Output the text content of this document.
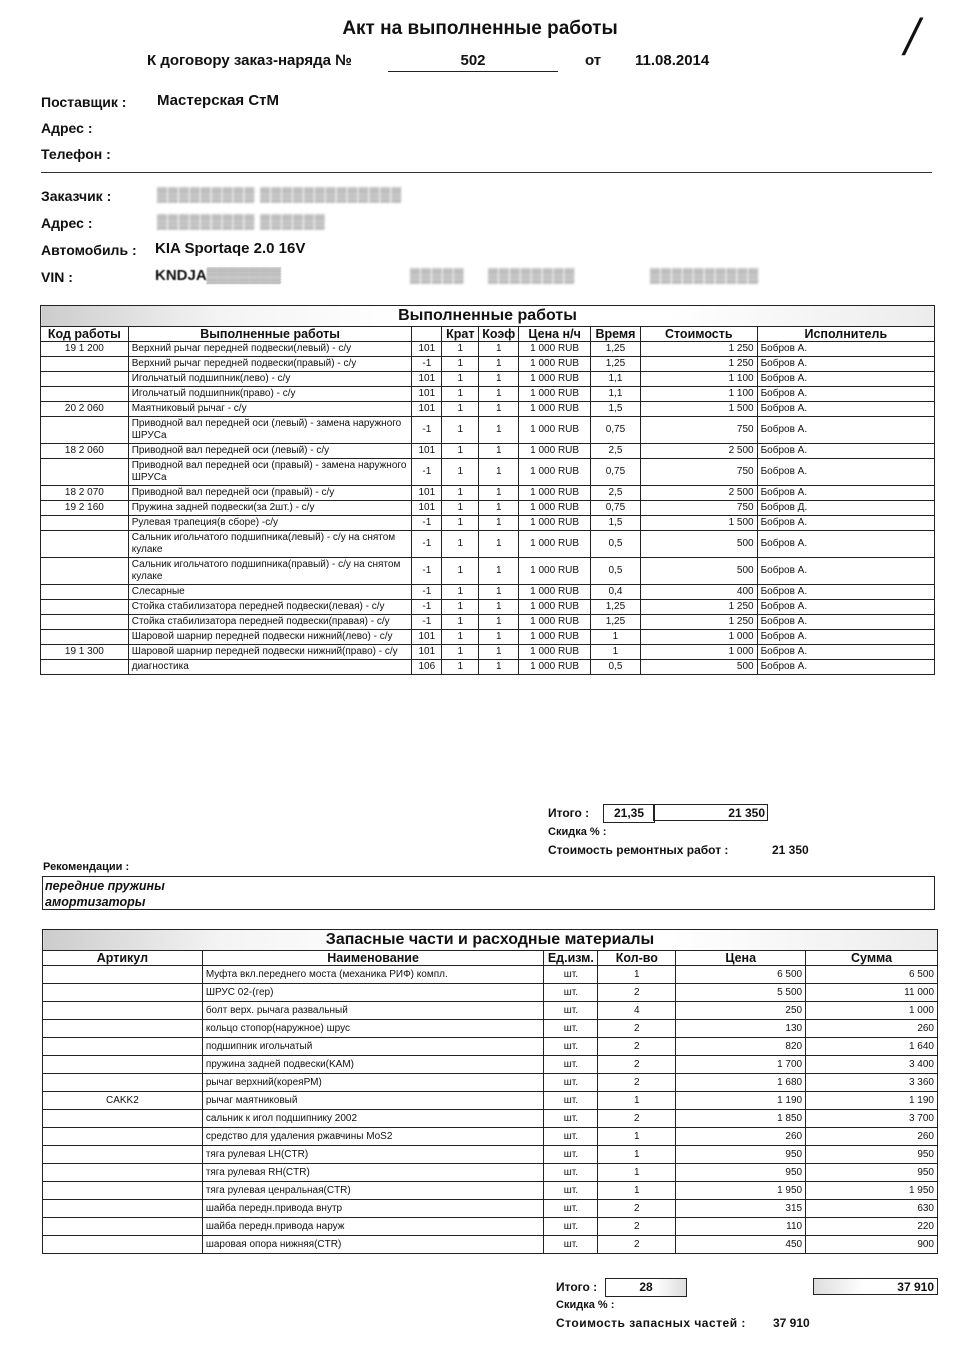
Акт на выполненные работы	/
К договору заказ-наряда №	502	от 11.08.2014
Поставщик : Мастерская СтМ
Адрес :
Телефон :
Заказчик :	▒▒▒▒▒▒▒▒▒ ▒▒▒▒▒▒▒▒▒▒▒▒▒
Адрес :	▒▒▒▒▒▒▒▒▒ ▒▒▒▒▒▒
Автомобиль : KIA Sportaqe 2.0 16V
VIN :	KNDJA▒▒▒▒▒▒▒	▒▒▒▒▒ ▒▒▒▒▒▒▒▒	▒▒▒▒▒▒▒▒▒▒
Выполненные работы								
Код работы	Выполненные работы		Крат	Коэф	Цена н/ч	Время	Стоимость	Исполнитель
19 1 200	Верхний рычаг передней подвески(левый) - с/у	101	1	1	1 000 RUB	1,25	1 250	Бобров А.
	Верхний рычаг передней подвески(правый) - с/у	-1	1	1	1 000 RUB	1,25	1 250	Бобров А.
	Игольчатый подшипник(лево) - с/у	101	1	1	1 000 RUB	1,1	1 100	Бобров А.
	Игольчатый подшипник(право) - с/у	101	1	1	1 000 RUB	1,1	1 100	Бобров А.
20 2 060	Маятниковый рычаг - с/у	101	1	1	1 000 RUB	1,5	1 500	Бобров А.
	Приводной вал передней оси (левый) - замена наружного ШРУСа	-1	1	1	1 000 RUB	0,75	750	Бобров А.
18 2 060	Приводной вал передней оси (левый) - с/у	101	1	1	1 000 RUB	2,5	2 500	Бобров А.
	Приводной вал передней оси (правый) - замена наружного ШРУСа	-1	1	1	1 000 RUB	0,75	750	Бобров А.
18 2 070	Приводной вал передней оси (правый) - с/у	101	1	1	1 000 RUB	2,5	2 500	Бобров А.
19 2 160	Пружина задней подвески(за 2шт.) - с/у	101	1	1	1 000 RUB	0,75	750	Бобров Д.
	Рулевая трапеция(в сборе) -с/у	-1	1	1	1 000 RUB	1,5	1 500	Бобров А.
	Сальник игольчатого подшипника(левый) - с/у на снятом кулаке	-1	1	1	1 000 RUB	0,5	500	Бобров А.
	Сальник игольчатого подшипника(правый) - с/у на снятом кулаке	-1	1	1	1 000 RUB	0,5	500	Бобров А.
	Слесарные	-1	1	1	1 000 RUB	0,4	400	Бобров А.
	Стойка стабилизатора передней подвески(левая) - с/у	-1	1	1	1 000 RUB	1,25	1 250	Бобров А.
	Стойка стабилизатора передней подвески(правая) - с/у	-1	1	1	1 000 RUB	1,25	1 250	Бобров А.
	Шаровой шарнир передней подвески нижний(лево) - с/у	101	1	1	1 000 RUB	1	1 000	Бобров А.
19 1 300	Шаровой шарнир передней подвески нижний(право) - с/у	101	1	1	1 000 RUB	1	1 000	Бобров А.
	диагностика	106	1	1	1 000 RUB	0,5	500	Бобров А.
Итого :	21,35	21 350
Скидка % :
Стоимость ремонтных работ :	21 350
Рекомендации :
передние пружины
амортизаторы
Запасные части и расходные материалы					
Артикул	Наименование	Ед.изм.	Кол-во	Цена	Сумма
	Муфта вкл.переднего моста (механика РИФ) компл.	шт.	1	6 500	6 500
	ШРУС 02-(гер)	шт.	2	5 500	11 000
	болт верх. рычага развальный	шт.	4	250	1 000
	кольцо стопор(наружное) шрус	шт.	2	130	260
	подшипник игольчатый	шт.	2	820	1 640
	пружина задней подвески(KAM)	шт.	2	1 700	3 400
	рычаг верхний(кореяРМ)	шт.	2	1 680	3 360
CAKK2	рычаг маятниковый	шт.	1	1 190	1 190
	сальник к игол подшипнику 2002	шт.	2	1 850	3 700
	средство для удаления ржавчины MoS2	шт.	1	260	260
	тяга рулевая LH(CTR)	шт.	1	950	950
	тяга рулевая RH(CTR)	шт.	1	950	950
	тяга рулевая ценральная(CTR)	шт.	1	1 950	1 950
	шайба передн.привода внутр	шт.	2	315	630
	шайба передн.привода наруж	шт.	2	110	220
	шаровая опора нижняя(CTR)	шт.	2	450	900
Итого :	28	37 910
Скидка % :
Стоимость запасных частей : 37 910
